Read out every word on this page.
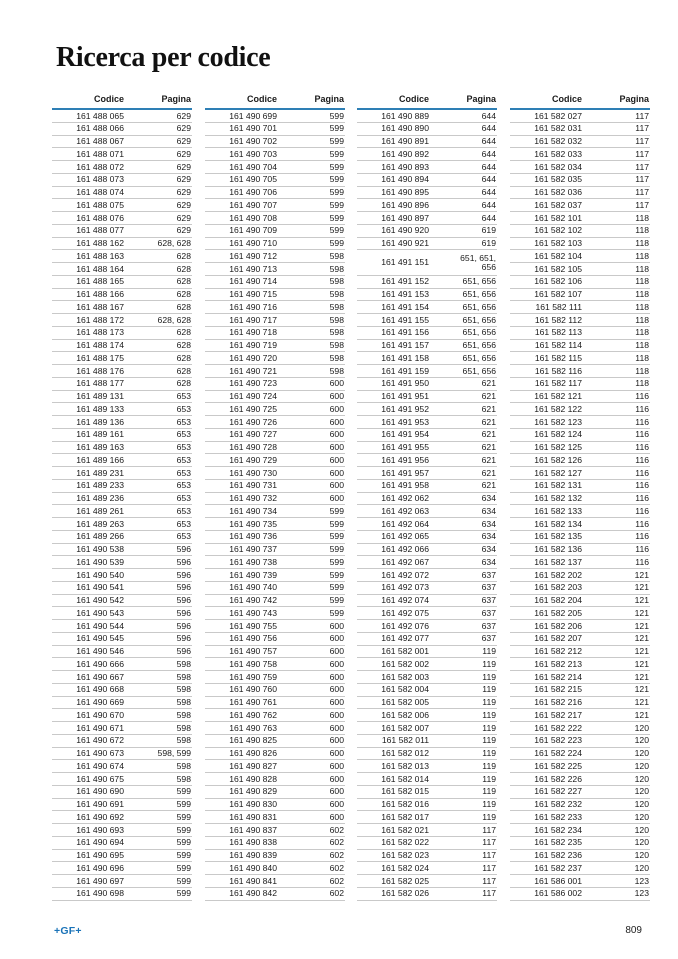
Ricerca per codice
Codice	Pagina
161 488 065	629
161 488 066	629
161 488 067	629
161 488 071	629
161 488 072	629
161 488 073	629
161 488 074	629
161 488 075	629
161 488 076	629
161 488 077	629
161 488 162	628, 628
161 488 163	628
161 488 164	628
161 488 165	628
161 488 166	628
161 488 167	628
161 488 172	628, 628
161 488 173	628
161 488 174	628
161 488 175	628
161 488 176	628
161 488 177	628
161 489 131	653
161 489 133	653
161 489 136	653
161 489 161	653
161 489 163	653
161 489 166	653
161 489 231	653
161 489 233	653
161 489 236	653
161 489 261	653
161 489 263	653
161 489 266	653
161 490 538	596
161 490 539	596
161 490 540	596
161 490 541	596
161 490 542	596
161 490 543	596
161 490 544	596
161 490 545	596
161 490 546	596
161 490 666	598
161 490 667	598
161 490 668	598
161 490 669	598
161 490 670	598
161 490 671	598
161 490 672	598
161 490 673	598, 599
161 490 674	598
161 490 675	598
161 490 690	599
161 490 691	599
161 490 692	599
161 490 693	599
161 490 694	599
161 490 695	599
161 490 696	599
161 490 697	599
161 490 698	599
Codice	Pagina
161 490 699	599
161 490 701	599
161 490 702	599
161 490 703	599
161 490 704	599
161 490 705	599
161 490 706	599
161 490 707	599
161 490 708	599
161 490 709	599
161 490 710	599
161 490 712	598
161 490 713	598
161 490 714	598
161 490 715	598
161 490 716	598
161 490 717	598
161 490 718	598
161 490 719	598
161 490 720	598
161 490 721	598
161 490 723	600
161 490 724	600
161 490 725	600
161 490 726	600
161 490 727	600
161 490 728	600
161 490 729	600
161 490 730	600
161 490 731	600
161 490 732	600
161 490 734	599
161 490 735	599
161 490 736	599
161 490 737	599
161 490 738	599
161 490 739	599
161 490 740	599
161 490 742	599
161 490 743	599
161 490 755	600
161 490 756	600
161 490 757	600
161 490 758	600
161 490 759	600
161 490 760	600
161 490 761	600
161 490 762	600
161 490 763	600
161 490 825	600
161 490 826	600
161 490 827	600
161 490 828	600
161 490 829	600
161 490 830	600
161 490 831	600
161 490 837	602
161 490 838	602
161 490 839	602
161 490 840	602
161 490 841	602
161 490 842	602
Codice	Pagina
161 490 889	644
161 490 890	644
161 490 891	644
161 490 892	644
161 490 893	644
161 490 894	644
161 490 895	644
161 490 896	644
161 490 897	644
161 490 920	619
161 490 921	619
161 491 151	651, 651,
656
161 491 152	651, 656
161 491 153	651, 656
161 491 154	651, 656
161 491 155	651, 656
161 491 156	651, 656
161 491 157	651, 656
161 491 158	651, 656
161 491 159	651, 656
161 491 950	621
161 491 951	621
161 491 952	621
161 491 953	621
161 491 954	621
161 491 955	621
161 491 956	621
161 491 957	621
161 491 958	621
161 492 062	634
161 492 063	634
161 492 064	634
161 492 065	634
161 492 066	634
161 492 067	634
161 492 072	637
161 492 073	637
161 492 074	637
161 492 075	637
161 492 076	637
161 492 077	637
161 582 001	119
161 582 002	119
161 582 003	119
161 582 004	119
161 582 005	119
161 582 006	119
161 582 007	119
161 582 011	119
161 582 012	119
161 582 013	119
161 582 014	119
161 582 015	119
161 582 016	119
161 582 017	119
161 582 021	117
161 582 022	117
161 582 023	117
161 582 024	117
161 582 025	117
161 582 026	117
Codice	Pagina
161 582 027	117
161 582 031	117
161 582 032	117
161 582 033	117
161 582 034	117
161 582 035	117
161 582 036	117
161 582 037	117
161 582 101	118
161 582 102	118
161 582 103	118
161 582 104	118
161 582 105	118
161 582 106	118
161 582 107	118
161 582 111	118
161 582 112	118
161 582 113	118
161 582 114	118
161 582 115	118
161 582 116	118
161 582 117	118
161 582 121	116
161 582 122	116
161 582 123	116
161 582 124	116
161 582 125	116
161 582 126	116
161 582 127	116
161 582 131	116
161 582 132	116
161 582 133	116
161 582 134	116
161 582 135	116
161 582 136	116
161 582 137	116
161 582 202	121
161 582 203	121
161 582 204	121
161 582 205	121
161 582 206	121
161 582 207	121
161 582 212	121
161 582 213	121
161 582 214	121
161 582 215	121
161 582 216	121
161 582 217	121
161 582 222	120
161 582 223	120
161 582 224	120
161 582 225	120
161 582 226	120
161 582 227	120
161 582 232	120
161 582 233	120
161 582 234	120
161 582 235	120
161 582 236	120
161 582 237	120
161 586 001	123
161 586 002	123
+GF+	809
